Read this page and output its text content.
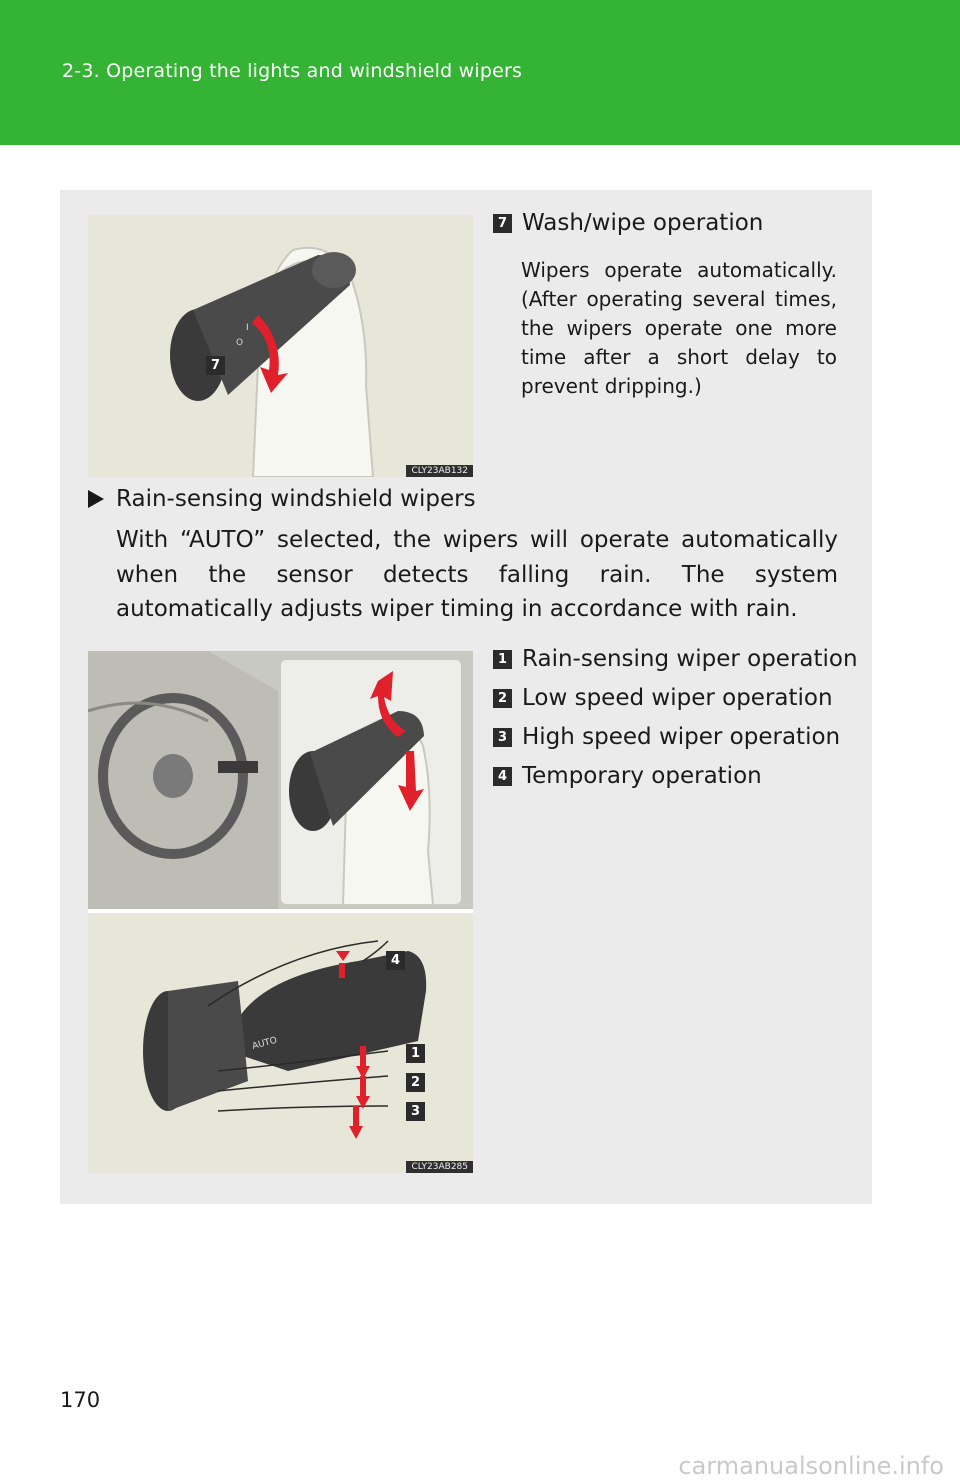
2-3. Operating the lights and windshield wipers
O
I
7
CLY23AB132
7 Wash/wipe operation
Wipers operate automatically. (After operating several times, the wipers operate one more time after a short delay to prevent dripping.)
Rain-sensing windshield wipers
With “AUTO” selected, the wipers will operate automatically when the sensor detects falling rain. The system automatically adjusts wiper timing in accordance with rain.
AUTO
4
1
2
3
CLY23AB285
1 Rain-sensing wiper operation
2 Low speed wiper operation
3 High speed wiper operation
4 Temporary operation
170
carmanualsonline.info
